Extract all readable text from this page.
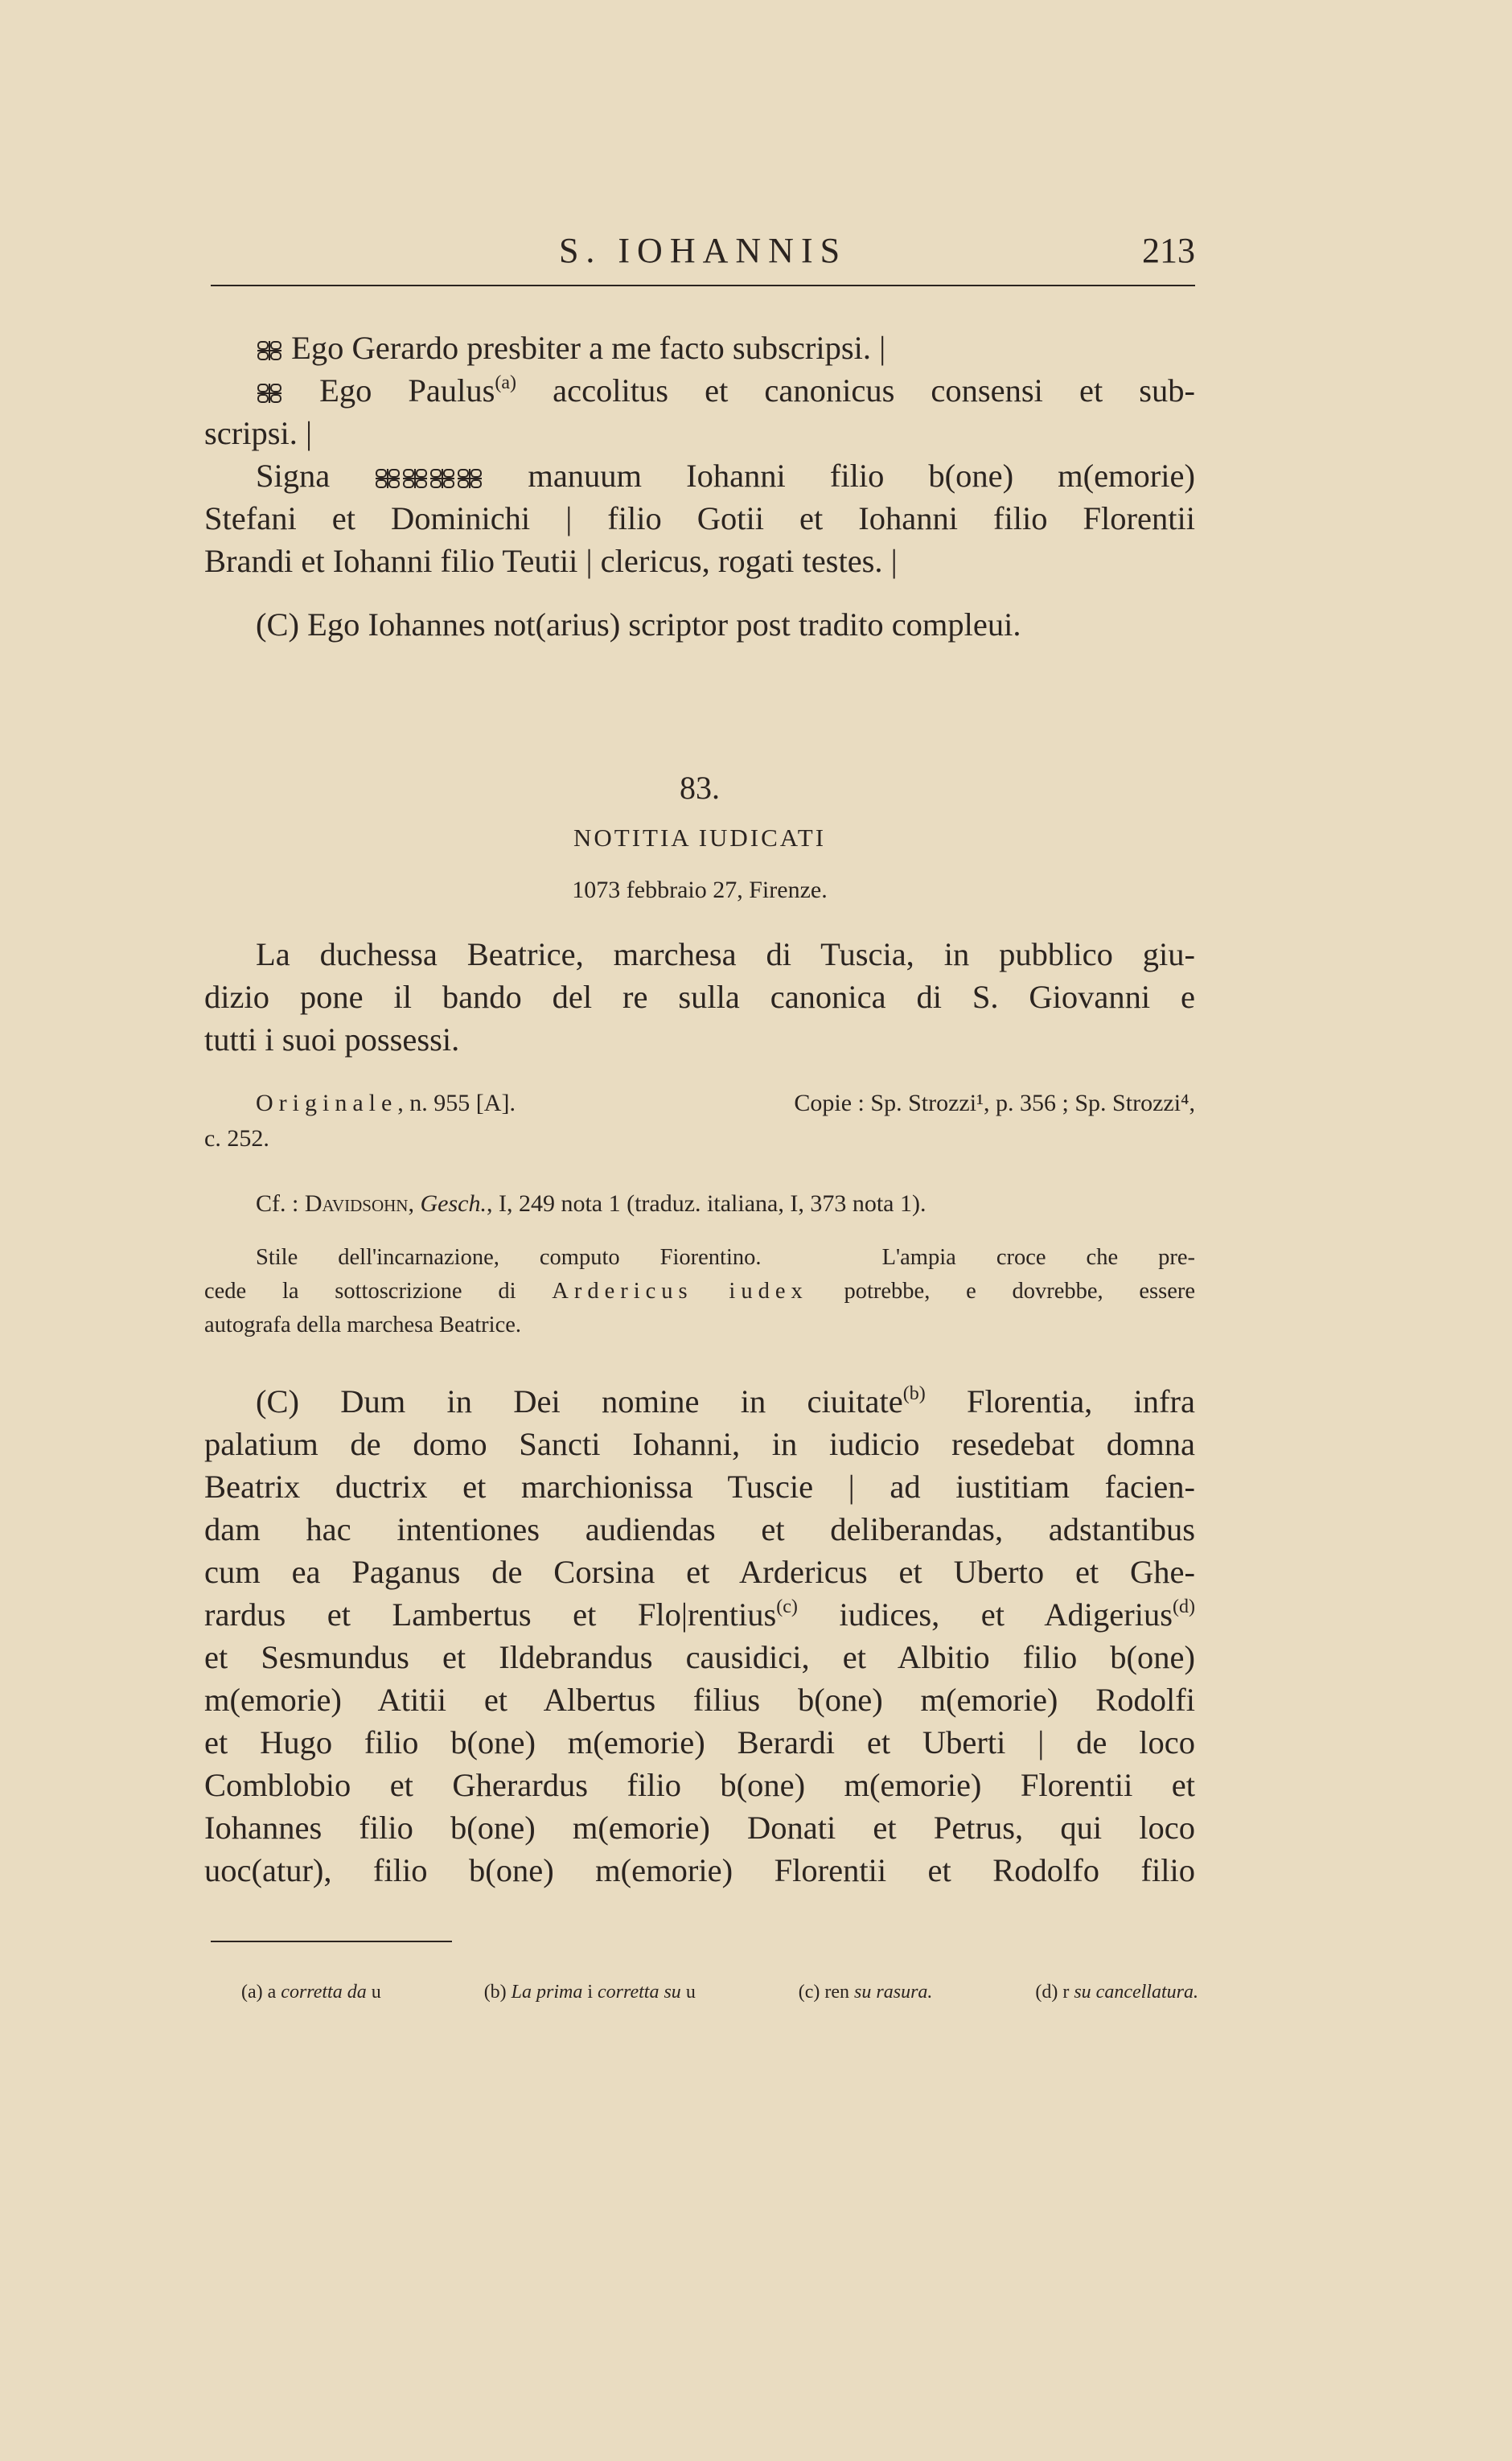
S. IOHANNIS	213
Ego Gerardo presbiter a me facto subscripsi. |
Ego Paulus$^{(a)}$ accolitus et canonicus consensi et sub-
scripsi. |
Signa	manuum Iohanni filio b(one) m(emorie)
Stefani et Dominichi | filio Gotii et Iohanni filio Florentii
Brandi et Iohanni filio Teutii | clericus, rogati testes. |
(C) Ego Iohannes not(arius) scriptor post tradito compleui.
83.
NOTITIA IUDICATI
1073 febbraio 27, Firenze.
La duchessa Beatrice, marchesa di Tuscia, in pubblico giu-
dizio pone il bando del re sulla canonica di S. Giovanni e
tutti i suoi possessi.
Originale, n. 955 [A].	Copie : Sp. Strozzi¹, p. 356 ; Sp. Strozzi⁴,
c. 252.
Cf. : Davidsohn, Gesch., I, 249 nota 1 (traduz. italiana, I, 373 nota 1).
Stile dell'incarnazione, computo Fiorentino.   L'ampia croce che pre-
cede la sottoscrizione di Ardericus iudex potrebbe, e dovrebbe, essere
autografa della marchesa Beatrice.
(C) Dum in Dei nomine in ciuitate$^{(b)}$ Florentia, infra
palatium de domo Sancti Iohanni, in iudicio resedebat domna
Beatrix ductrix et marchionissa Tuscie | ad iustitiam facien-
dam hac intentiones audiendas et deliberandas, adstantibus
cum ea Paganus de Corsina et Ardericus et Uberto et Ghe-
rardus et Lambertus et Flo|rentius$^{(c)}$ iudices, et Adigerius$^{(d)}$
et Sesmundus et Ildebrandus causidici, et Albitio filio b(one)
m(emorie) Atitii et Albertus filius b(one) m(emorie) Rodolfi
et Hugo filio b(one) m(emorie) Berardi et Uberti | de loco
Comblobio et Gherardus filio b(one) m(emorie) Florentii et
Iohannes filio b(one) m(emorie) Donati et Petrus, qui loco
uoc(atur), filio b(one) m(emorie) Florentii et Rodolfo filio
(a) a corretta da u	(b) La prima i corretta su u	(c) ren su rasura.	(d) r su cancellatura.
